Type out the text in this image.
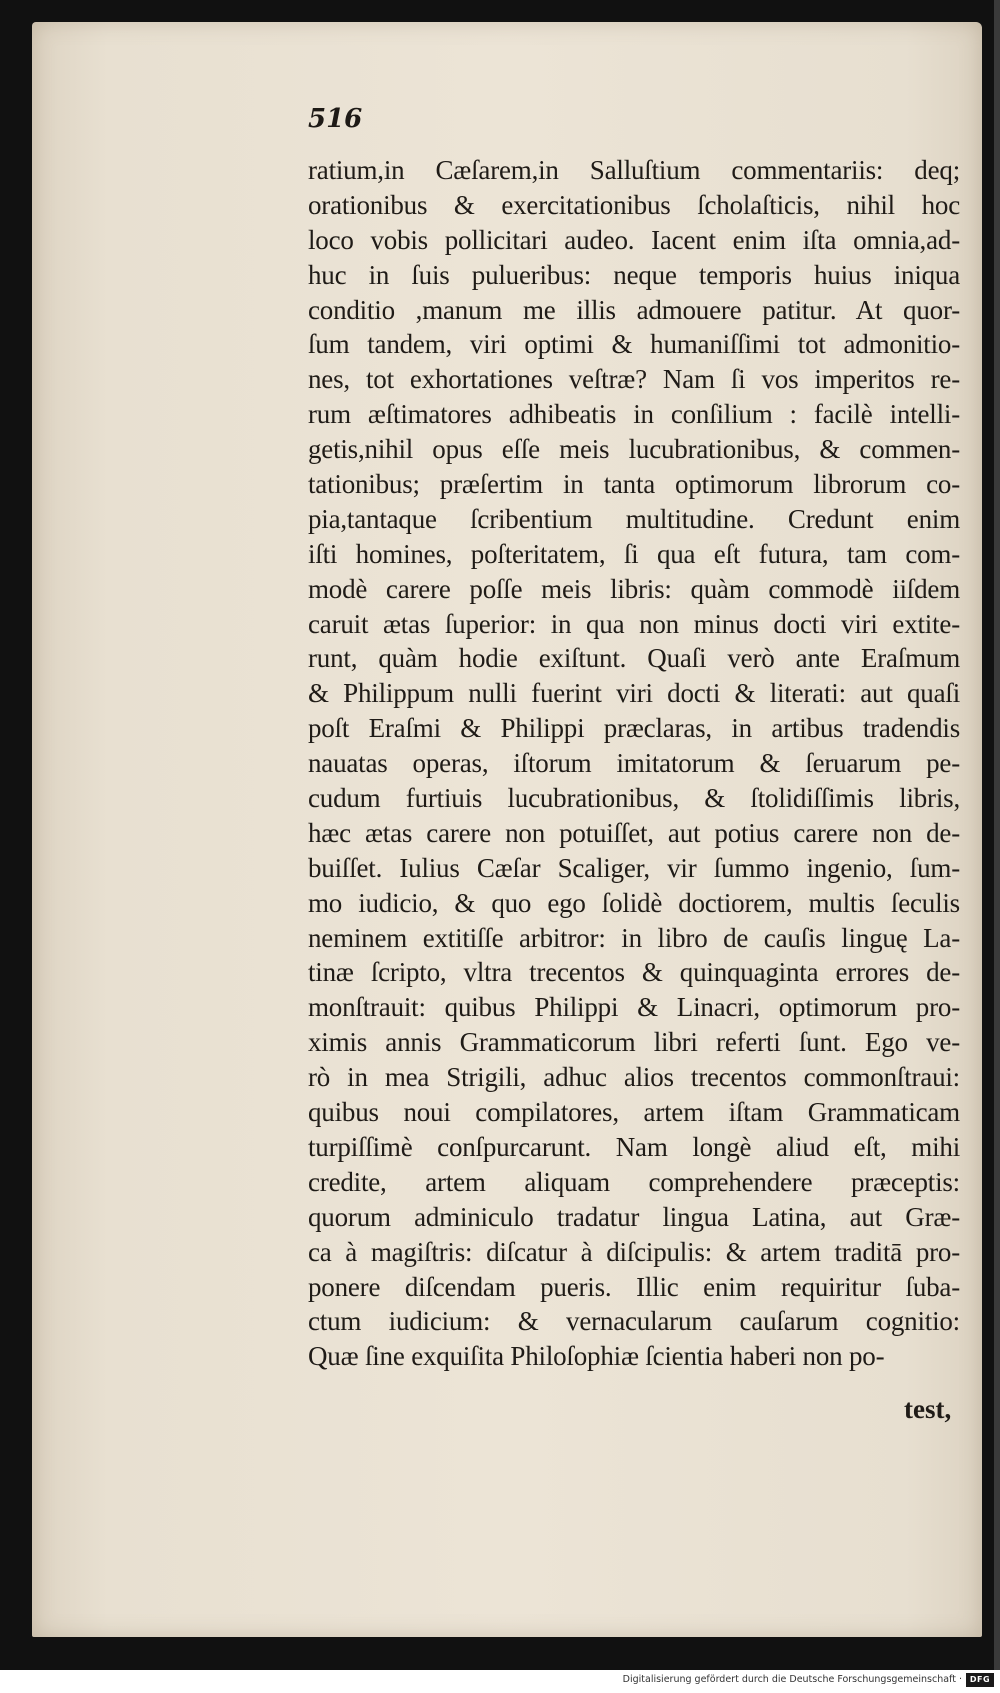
516
ratium,in Cæſarem,in Salluſtium commentariis: deq;
orationibus & exercitationibus ſcholaſticis, nihil hoc
loco vobis pollicitari audeo. Iacent enim iſta omnia,ad-
huc in ſuis pulueribus: neque temporis huius iniqua
conditio ,manum me illis admouere patitur. At quor-
ſum tandem, viri optimi & humaniſſimi tot admonitio-
nes, tot exhortationes veſtræ? Nam ſi vos imperitos re-
rum æſtimatores adhibeatis in conſilium : facilè intelli-
getis,nihil opus eſſe meis lucubrationibus, & commen-
tationibus; præſertim in tanta optimorum librorum co-
pia,tantaque ſcribentium multitudine. Credunt enim
iſti homines, poſteritatem, ſi qua eſt futura, tam com-
modè carere poſſe meis libris: quàm commodè iiſdem
caruit ætas ſuperior: in qua non minus docti viri extite-
runt, quàm hodie exiſtunt. Quaſi verò ante Eraſmum
& Philippum nulli fuerint viri docti & literati: aut quaſi
poſt Eraſmi & Philippi præclaras, in artibus tradendis
nauatas operas, iſtorum imitatorum & ſeruarum pe-
cudum furtiuis lucubrationibus, & ſtolidiſſimis libris,
hæc ætas carere non potuiſſet, aut potius carere non de-
buiſſet. Iulius Cæſar Scaliger, vir ſummo ingenio, ſum-
mo iudicio, & quo ego ſolidè doctiorem, multis ſeculis
neminem extitiſſe arbitror: in libro de cauſis linguę La-
tinæ ſcripto, vltra trecentos & quinquaginta errores de-
monſtrauit: quibus Philippi & Linacri, optimorum pro-
ximis annis Grammaticorum libri referti ſunt. Ego ve-
rò in mea Strigili, adhuc alios trecentos commonſtraui:
quibus noui compilatores, artem iſtam Grammaticam
turpiſſimè conſpurcarunt. Nam longè aliud eſt, mihi
credite, artem aliquam comprehendere præceptis:
quorum adminiculo tradatur lingua Latina, aut Græ-
ca à magiſtris: diſcatur à diſcipulis: & artem traditā pro-
ponere diſcendam pueris. Illic enim requiritur ſuba-
ctum iudicium: & vernacularum cauſarum cognitio:
Quæ ſine exquiſita Philoſophiæ ſcientia haberi non po-
test,
Digitalisierung gefördert durch die Deutsche Forschungsgemeinschaft · DFG
